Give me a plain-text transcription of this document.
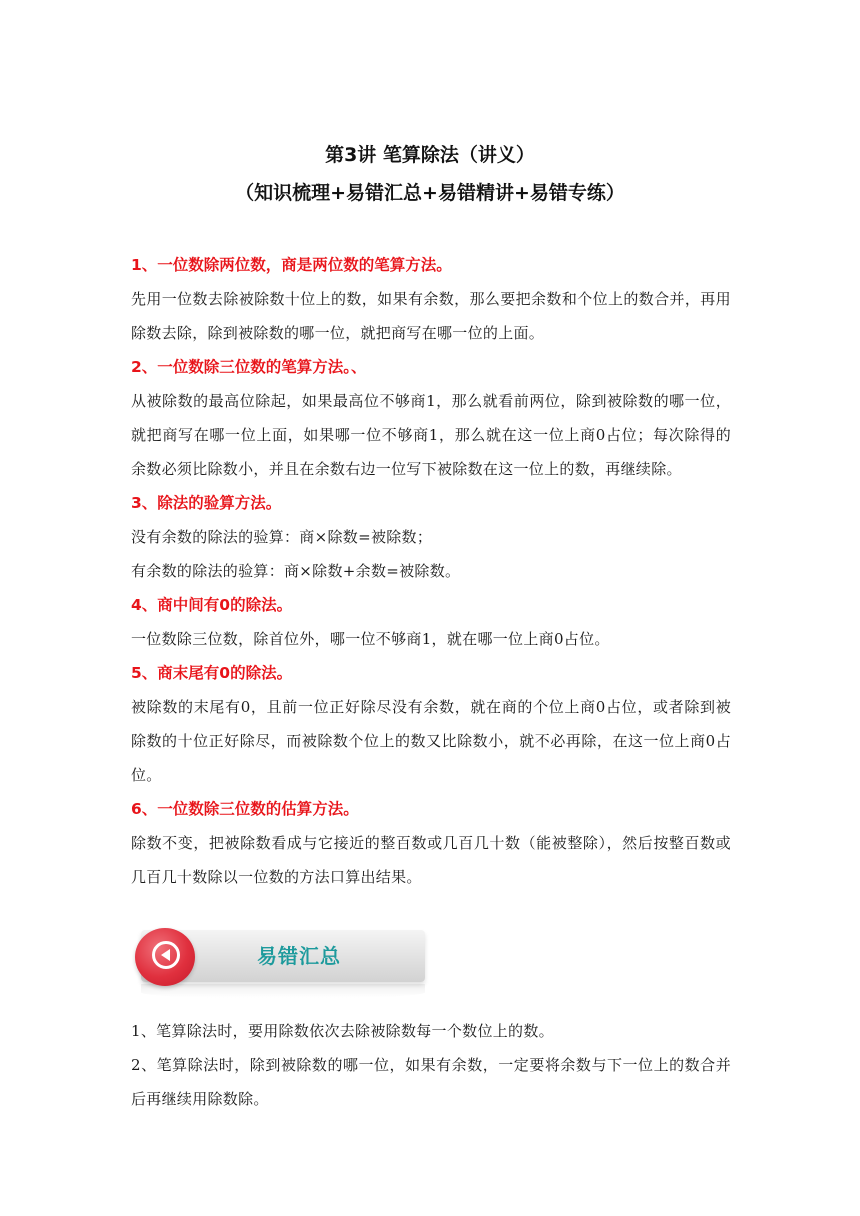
第3讲 笔算除法（讲义）
（知识梳理+易错汇总+易错精讲+易错专练）
1、一位数除两位数，商是两位数的笔算方法。
先用一位数去除被除数十位上的数，如果有余数，那么要把余数和个位上的数合并，再用除数去除，除到被除数的哪一位，就把商写在哪一位的上面。
2、一位数除三位数的笔算方法。、
从被除数的最高位除起，如果最高位不够商1，那么就看前两位，除到被除数的哪一位，就把商写在哪一位上面，如果哪一位不够商1，那么就在这一位上商0占位；每次除得的余数必须比除数小，并且在余数右边一位写下被除数在这一位上的数，再继续除。
3、除法的验算方法。
没有余数的除法的验算：商×除数=被除数；
有余数的除法的验算：商×除数+余数=被除数。
4、商中间有0的除法。
一位数除三位数，除首位外，哪一位不够商1，就在哪一位上商0占位。
5、商末尾有0的除法。
被除数的末尾有0，且前一位正好除尽没有余数，就在商的个位上商0占位，或者除到被除数的十位正好除尽，而被除数个位上的数又比除数小，就不必再除，在这一位上商0占位。
6、一位数除三位数的估算方法。
除数不变，把被除数看成与它接近的整百数或几百几十数（能被整除），然后按整百数或几百几十数除以一位数的方法口算出结果。
易错汇总
1、笔算除法时，要用除数依次去除被除数每一个数位上的数。
2、笔算除法时，除到被除数的哪一位，如果有余数，一定要将余数与下一位上的数合并后再继续用除数除。
